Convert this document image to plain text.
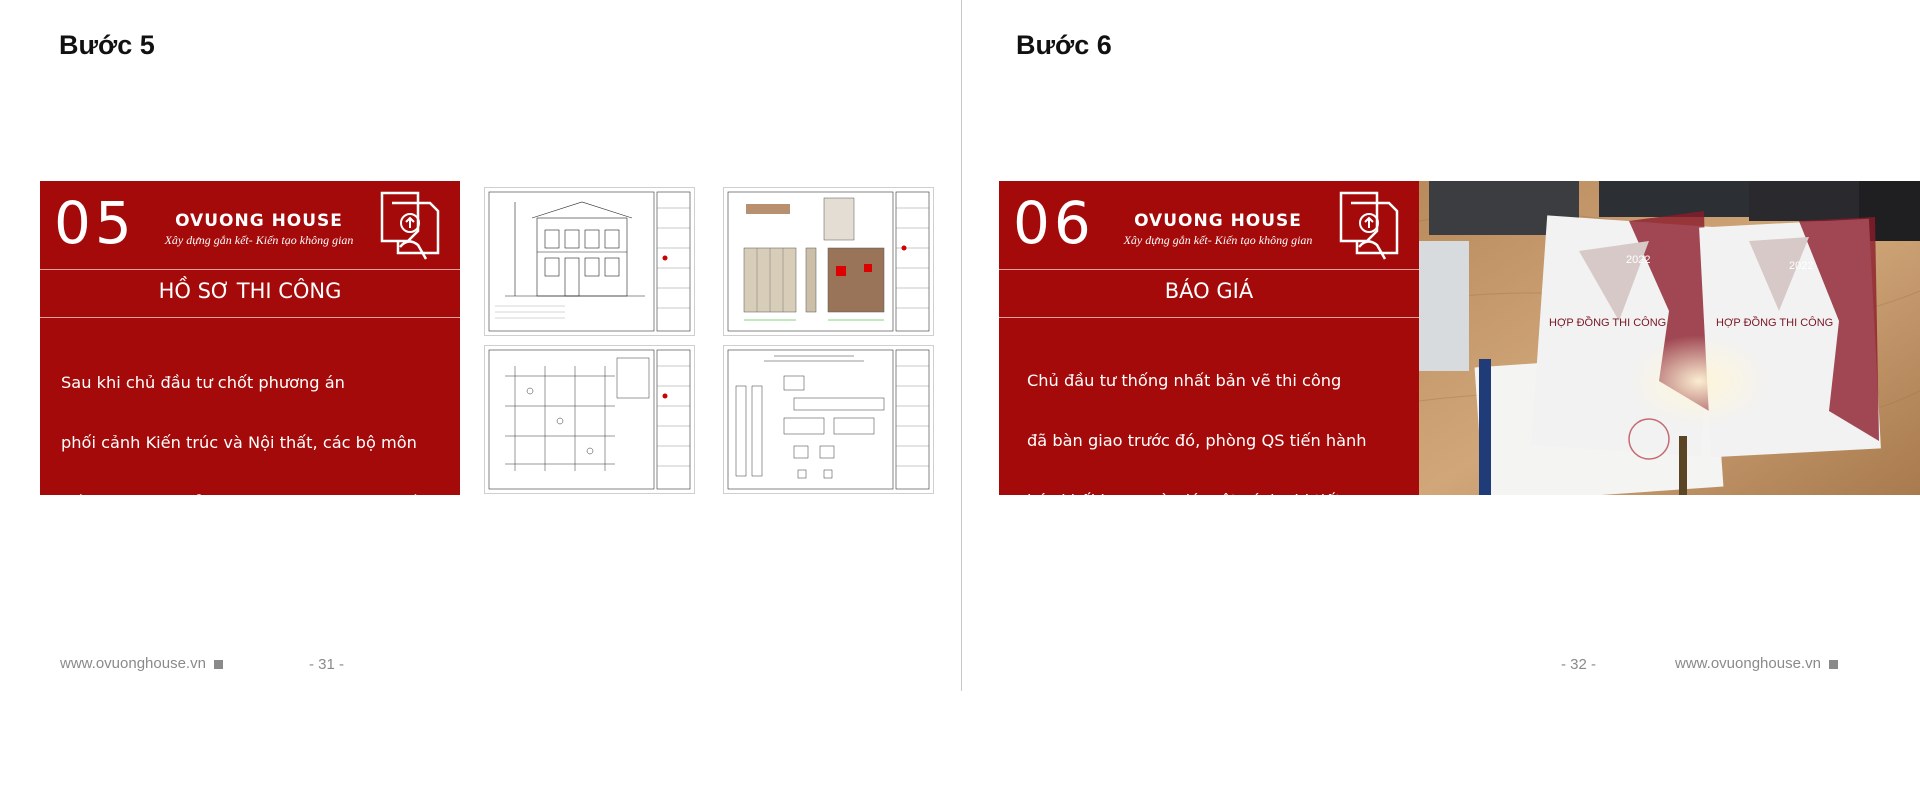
Bước 5
05	OVUONG HOUSE
Xây dựng gắn kết- Kiến tạo không gian
HỒ SƠ THI CÔNG

Sau khi chủ đầu tư chốt phương án

phối cảnh Kiến trúc và Nội thất, các bộ môn

tiến hành trao đổi ra bản vẽ thi công bao gồm:

- Bản vẽ thi công phần Kiến trúc

- Bản vẽ thi công phần Kết cấu

- Bản vẽ thi công phần điện nước, điện nhẹ.

- Bản vẽ thi công phần Nội thất

www.ovuonghouse.vn	- 31 -
Bước 6
06	OVUONG HOUSE
Xây dựng gắn kết- Kiến tạo không gian
BÁO GIÁ

Chủ đầu tư thống nhất bản vẽ thi công

đã bàn giao trước đó, phòng QS tiến hành

bóc khối lượng và giá một cách chi tiết.

Báo giá xây nhà trọn gói chia làm 3 mục:

- Báo giá phần thô và nhân công hoàn thiện

- Báo giá chi tiết vật tư hoàn thiện

- Báo giá lắp đặt Nội thất gắn tường, đồ rời.

2022	2022
HỢP ĐỒNG THI CÔNG	HỢP ĐỒNG THI CÔNG
- 32 -	www.ovuonghouse.vn
